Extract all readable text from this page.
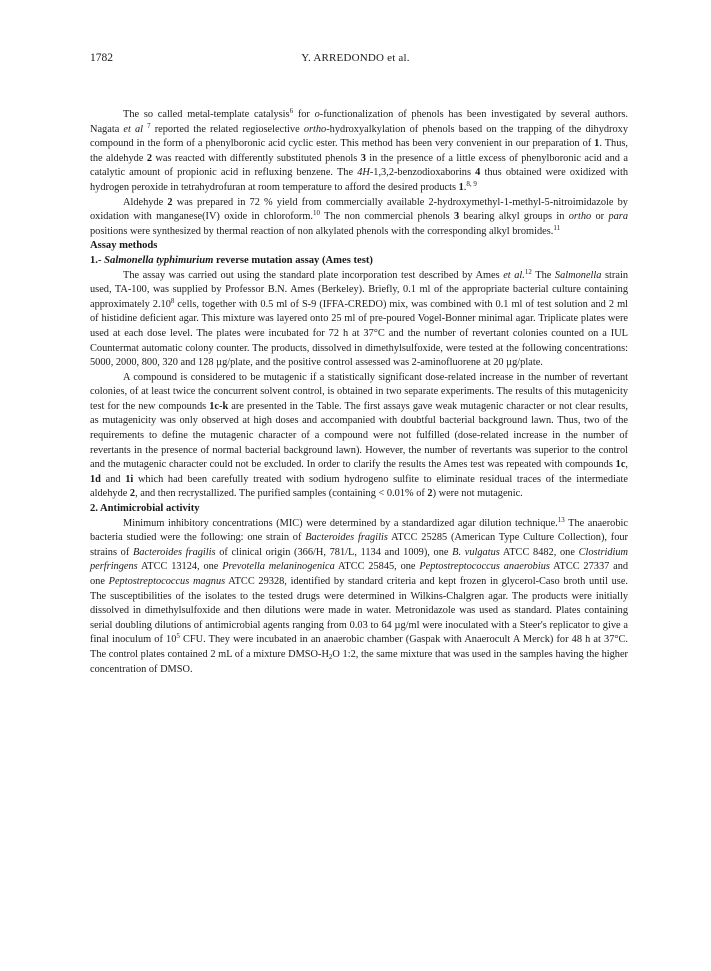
1782	Y. ARREDONDO et al.

The so called metal-template catalysis$^6$ for o-functionalization of phenols has been investigated by several authors. Nagata et al $^7$ reported the related regioselective ortho-hydroxyalkylation of phenols based on the trapping of the dihydroxy compound in the form of a phenylboronic acid cyclic ester. This method has been very convenient in our preparation of 1. Thus, the aldehyde 2 was reacted with differently substituted phenols 3 in the presence of a little excess of phenylboronic acid and a catalytic amount of propionic acid in refluxing benzene. The 4H-1,3,2-benzodioxaborins 4 thus obtained were oxidized with hydrogen peroxide in tetrahydrofuran at room temperature to afford the desired products 1.$^{8, 9}$

Aldehyde 2 was prepared in 72 % yield from commercially available 2-hydroxymethyl-1-methyl-5-nitroimidazole by oxidation with manganese(IV) oxide in chloroform.$^{10}$ The non commercial phenols 3 bearing alkyl groups in ortho or para positions were synthesized by thermal reaction of non alkylated phenols with the corresponding alkyl bromides.$^{11}$

Assay methods

1.- Salmonella typhimurium reverse mutation assay (Ames test)

The assay was carried out using the standard plate incorporation test described by Ames et al.$^{12}$ The Salmonella strain used, TA-100, was supplied by Professor B.N. Ames (Berkeley). Briefly, 0.1 ml of the appropriate bacterial culture containing approximately 2.10$^8$ cells, together with 0.5 ml of S-9 (IFFA-CREDO) mix, was combined with 0.1 ml of test solution and 2 ml of histidine deficient agar. This mixture was layered onto 25 ml of pre-poured Vogel-Bonner minimal agar. Triplicate plates were used at each dose level. The plates were incubated for 72 h at 37°C and the number of revertant colonies counted on a IUL Countermat automatic colony counter. The products, dissolved in dimethylsulfoxide, were tested at the following concentrations: 5000, 2000, 800, 320 and 128 µg/plate, and the positive control assessed was 2-aminofluorene at 20 µg/plate.

A compound is considered to be mutagenic if a statistically significant dose-related increase in the number of revertant colonies, of at least twice the concurrent solvent control, is obtained in two separate experiments. The results of this mutagenicity test for the new compounds 1c-k are presented in the Table. The first assays gave weak mutagenic character or not clear results, as mutagenicity was only observed at high doses and accompanied with doubtful bacterial background lawn. Thus, two of the requirements to define the mutagenic character of a compound were not fulfilled (dose-related increase in the number of revertants in the presence of normal bacterial background lawn). However, the number of revertants was superior to the control and the mutagenic character could not be excluded. In order to clarify the results the Ames test was repeated with compounds 1c, 1d and 1i which had been carefully treated with sodium hydrogeno sulfite to eliminate residual traces of the intermediate aldehyde 2, and then recrystallized. The purified samples (containing < 0.01% of 2) were not mutagenic.

2. Antimicrobial activity

Minimum inhibitory concentrations (MIC) were determined by a standardized agar dilution technique.$^{13}$ The anaerobic bacteria studied were the following: one strain of Bacteroides fragilis ATCC 25285 (American Type Culture Collection), four strains of Bacteroides fragilis of clinical origin (366/H, 781/L, 1134 and 1009), one B. vulgatus ATCC 8482, one Clostridium perfringens ATCC 13124, one Prevotella melaninogenica ATCC 25845, one Peptostreptococcus anaerobius ATCC 27337 and one Peptostreptococcus magnus ATCC 29328, identified by standard criteria and kept frozen in glycerol-Caso broth until use. The susceptibilities of the isolates to the tested drugs were determined in Wilkins-Chalgren agar. The products were initially dissolved in dimethylsulfoxide and then dilutions were made in water. Metronidazole was used as standard. Plates containing serial doubling dilutions of antimicrobial agents ranging from 0.03 to 64 µg/ml were inoculated with a Steer's replicator to give a final inoculum of $10^5$ CFU. They were incubated in an anaerobic chamber (Gaspak with Anaerocult A Merck) for 48 h at 37°C. The control plates contained 2 mL of a mixture DMSO-$H_2O$ 1:2, the same mixture that was used in the samples having the higher concentration of DMSO.
